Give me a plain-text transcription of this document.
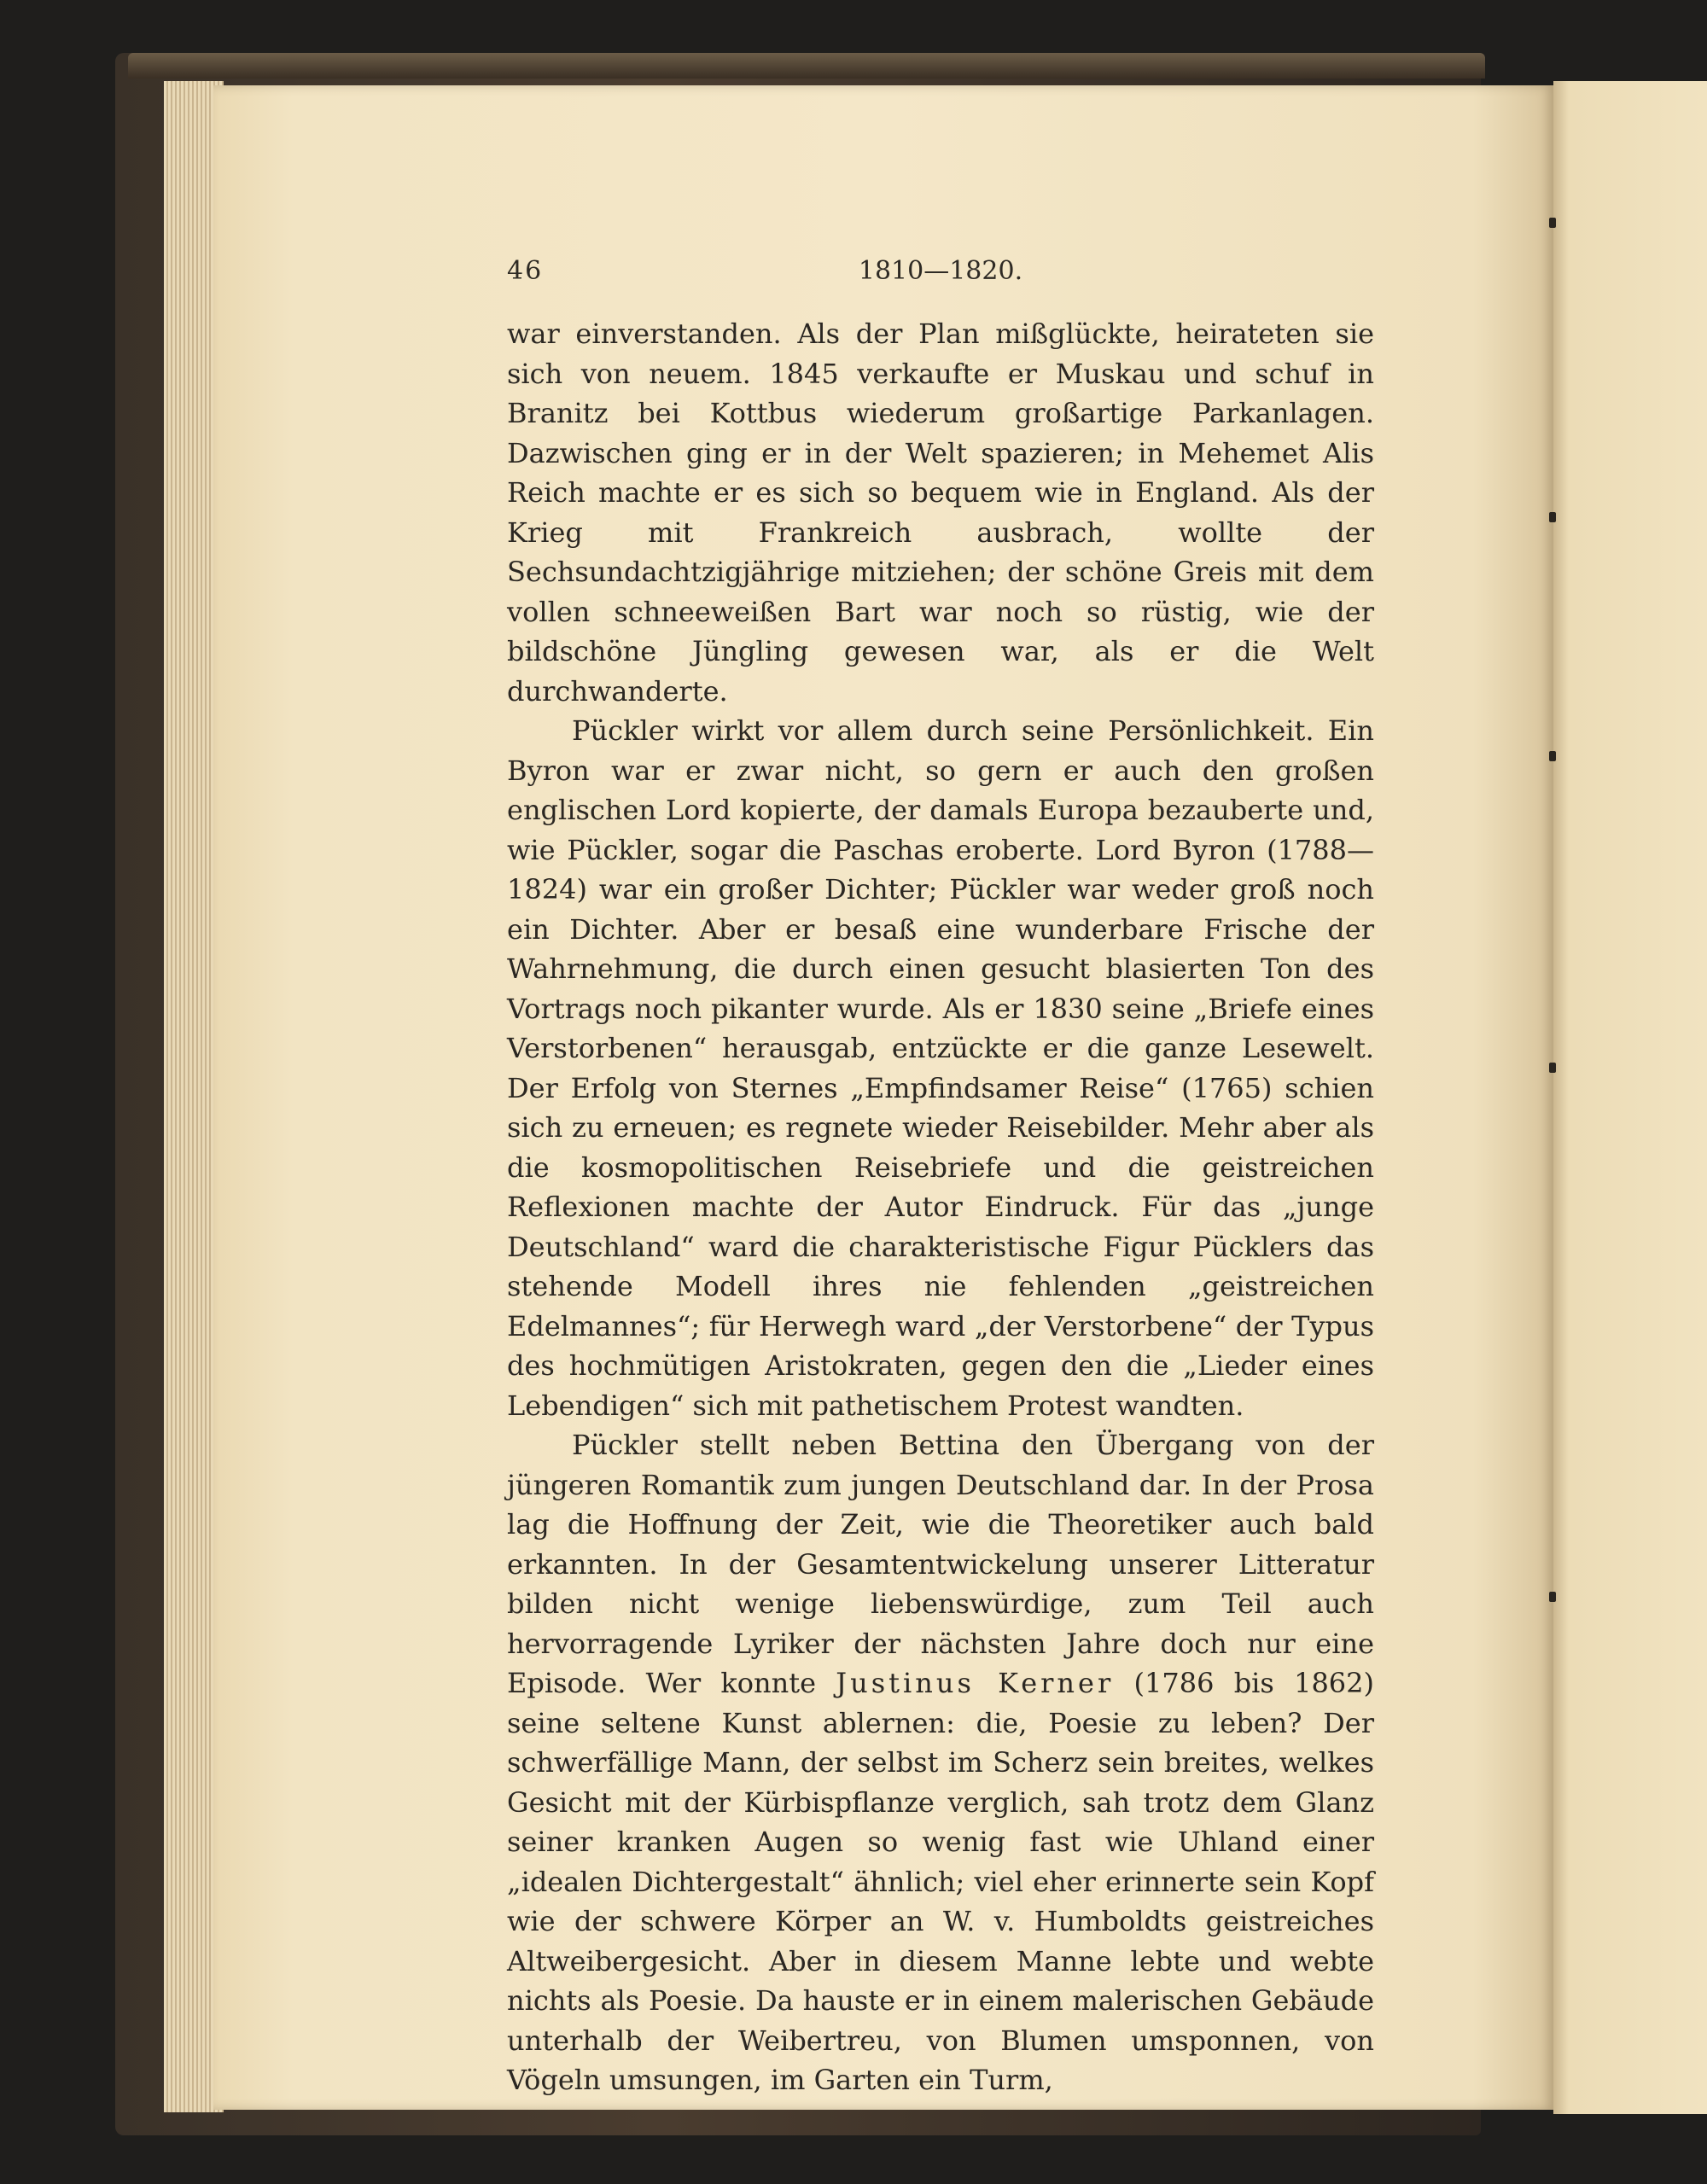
46	1810—1820.

war einverstanden. Als der Plan mißglückte, heirateten sie sich von neuem. 1845 verkaufte er Muskau und schuf in Branitz bei Kottbus wiederum großartige Parkanlagen. Dazwischen ging er in der Welt spazieren; in Mehemet Alis Reich machte er es sich so bequem wie in England. Als der Krieg mit Frankreich ausbrach, wollte der Sechsundachtzigjährige mitziehen; der schöne Greis mit dem vollen schneeweißen Bart war noch so rüstig, wie der bildschöne Jüngling gewesen war, als er die Welt durchwanderte.

Pückler wirkt vor allem durch seine Persönlichkeit. Ein Byron war er zwar nicht, so gern er auch den großen englischen Lord kopierte, der damals Europa bezauberte und, wie Pückler, sogar die Paschas eroberte. Lord Byron (1788—1824) war ein großer Dichter; Pückler war weder groß noch ein Dichter. Aber er besaß eine wunderbare Frische der Wahrnehmung, die durch einen gesucht blasierten Ton des Vortrags noch pikanter wurde. Als er 1830 seine „Briefe eines Verstorbenen“ herausgab, entzückte er die ganze Lesewelt. Der Erfolg von Sternes „Empfindsamer Reise“ (1765) schien sich zu erneuen; es regnete wieder Reisebilder. Mehr aber als die kosmopolitischen Reisebriefe und die geistreichen Reflexionen machte der Autor Eindruck. Für das „junge Deutschland“ ward die charakteristische Figur Pücklers das stehende Modell ihres nie fehlenden „geistreichen Edelmannes“; für Herwegh ward „der Verstorbene“ der Typus des hochmütigen Aristokraten, gegen den die „Lieder eines Lebendigen“ sich mit pathetischem Protest wandten.

Pückler stellt neben Bettina den Übergang von der jüngeren Romantik zum jungen Deutschland dar. In der Prosa lag die Hoffnung der Zeit, wie die Theoretiker auch bald erkannten. In der Gesamtentwickelung unserer Litteratur bilden nicht wenige liebenswürdige, zum Teil auch hervorragende Lyriker der nächsten Jahre doch nur eine Episode. Wer konnte Justinus Kerner (1786 bis 1862) seine seltene Kunst ablernen: die, Poesie zu leben? Der schwerfällige Mann, der selbst im Scherz sein breites, welkes Gesicht mit der Kürbispflanze verglich, sah trotz dem Glanz seiner kranken Augen so wenig fast wie Uhland einer „idealen Dichtergestalt“ ähnlich; viel eher erinnerte sein Kopf wie der schwere Körper an W. v. Humboldts geistreiches Altweibergesicht. Aber in diesem Manne lebte und webte nichts als Poesie. Da hauste er in einem malerischen Gebäude unterhalb der Weibertreu, von Blumen umsponnen, von Vögeln umsungen, im Garten ein Turm,
